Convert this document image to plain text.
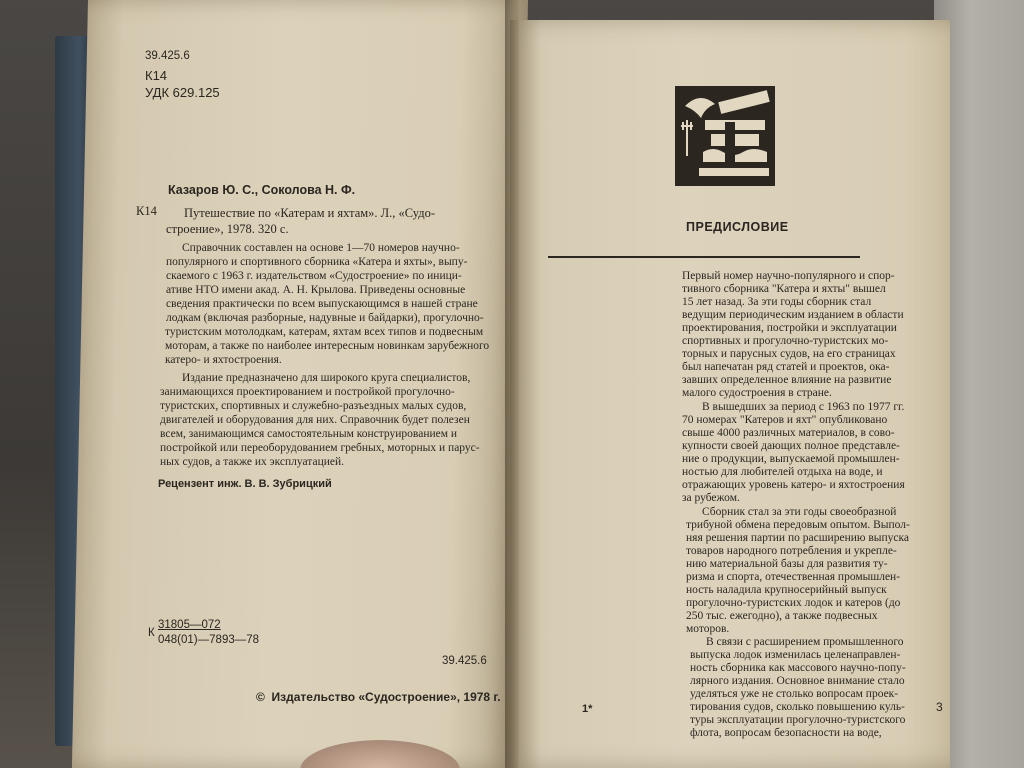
39.425.6
К14
УДК 629.125
Казаров Ю. С., Соколова Н. Ф.
К14 Путешествие по «Катерам и яхтам». Л., «Судо-
строение», 1978. 320 с.
Справочник составлен на основе 1—70 номеров научно-
популярного и спортивного сборника «Катера и яхты», выпу-
скаемого с 1963 г. издательством «Судостроение» по иници-
ативе НТО имени акад. А. Н. Крылова. Приведены основные
сведения практически по всем выпускающимся в нашей стране
лодкам (включая разборные, надувные и байдарки), прогулочно-
туристским мотолодкам, катерам, яхтам всех типов и подвесным
моторам, а также по наиболее интересным новинкам зарубежного
катеро- и яхтостроения.
Издание предназначено для широкого круга специалистов,
занимающихся проектированием и постройкой прогулочно-
туристских, спортивных и служебно-разъездных малых судов,
двигателей и оборудования для них. Справочник будет полезен
всем, занимающимся самостоятельным конструированием и
постройкой или переоборудованием гребных, моторных и парус-
ных судов, а также их эксплуатацией.
Рецензент инж. В. В. Зубрицкий
К
31805—072
048(01)—7893—78
39.425.6
©  Издательство «Судостроение», 1978 г.
ПРЕДИСЛОВИЕ
Первый номер научно-популярного и спор-
тивного сборника "Катера и яхты" вышел
15 лет назад. За эти годы сборник стал
ведущим периодическим изданием в области
проектирования, постройки и эксплуатации
спортивных и прогулочно-туристских мо-
торных и парусных судов, на его страницах
был напечатан ряд статей и проектов, ока-
завших определенное влияние на развитие
малого судостроения в стране.
В вышедших за период с 1963 по 1977 гг.
70 номерах "Катеров и яхт" опубликовано
свыше 4000 различных материалов, в сово-
купности своей дающих полное представле-
ние о продукции, выпускаемой промышлен-
ностью для любителей отдыха на воде, и
отражающих уровень катеро- и яхтостроения
за рубежом.
Сборник стал за эти годы своеобразной
трибуной обмена передовым опытом. Выпол-
няя решения партии по расширению выпуска
товаров народного потребления и укрепле-
нию материальной базы для развития ту-
ризма и спорта, отечественная промышлен-
ность наладила крупносерийный выпуск
прогулочно-туристских лодок и катеров (до
250 тыс. ежегодно), а также подвесных
моторов.
В связи с расширением промышленного
выпуска лодок изменилась целенаправлен-
ность сборника как массового научно-попу-
лярного издания. Основное внимание стало
уделяться уже не столько вопросам проек-
тирования судов, сколько повышению куль-
туры эксплуатации прогулочно-туристского
флота, вопросам безопасности на воде,
1*	3
